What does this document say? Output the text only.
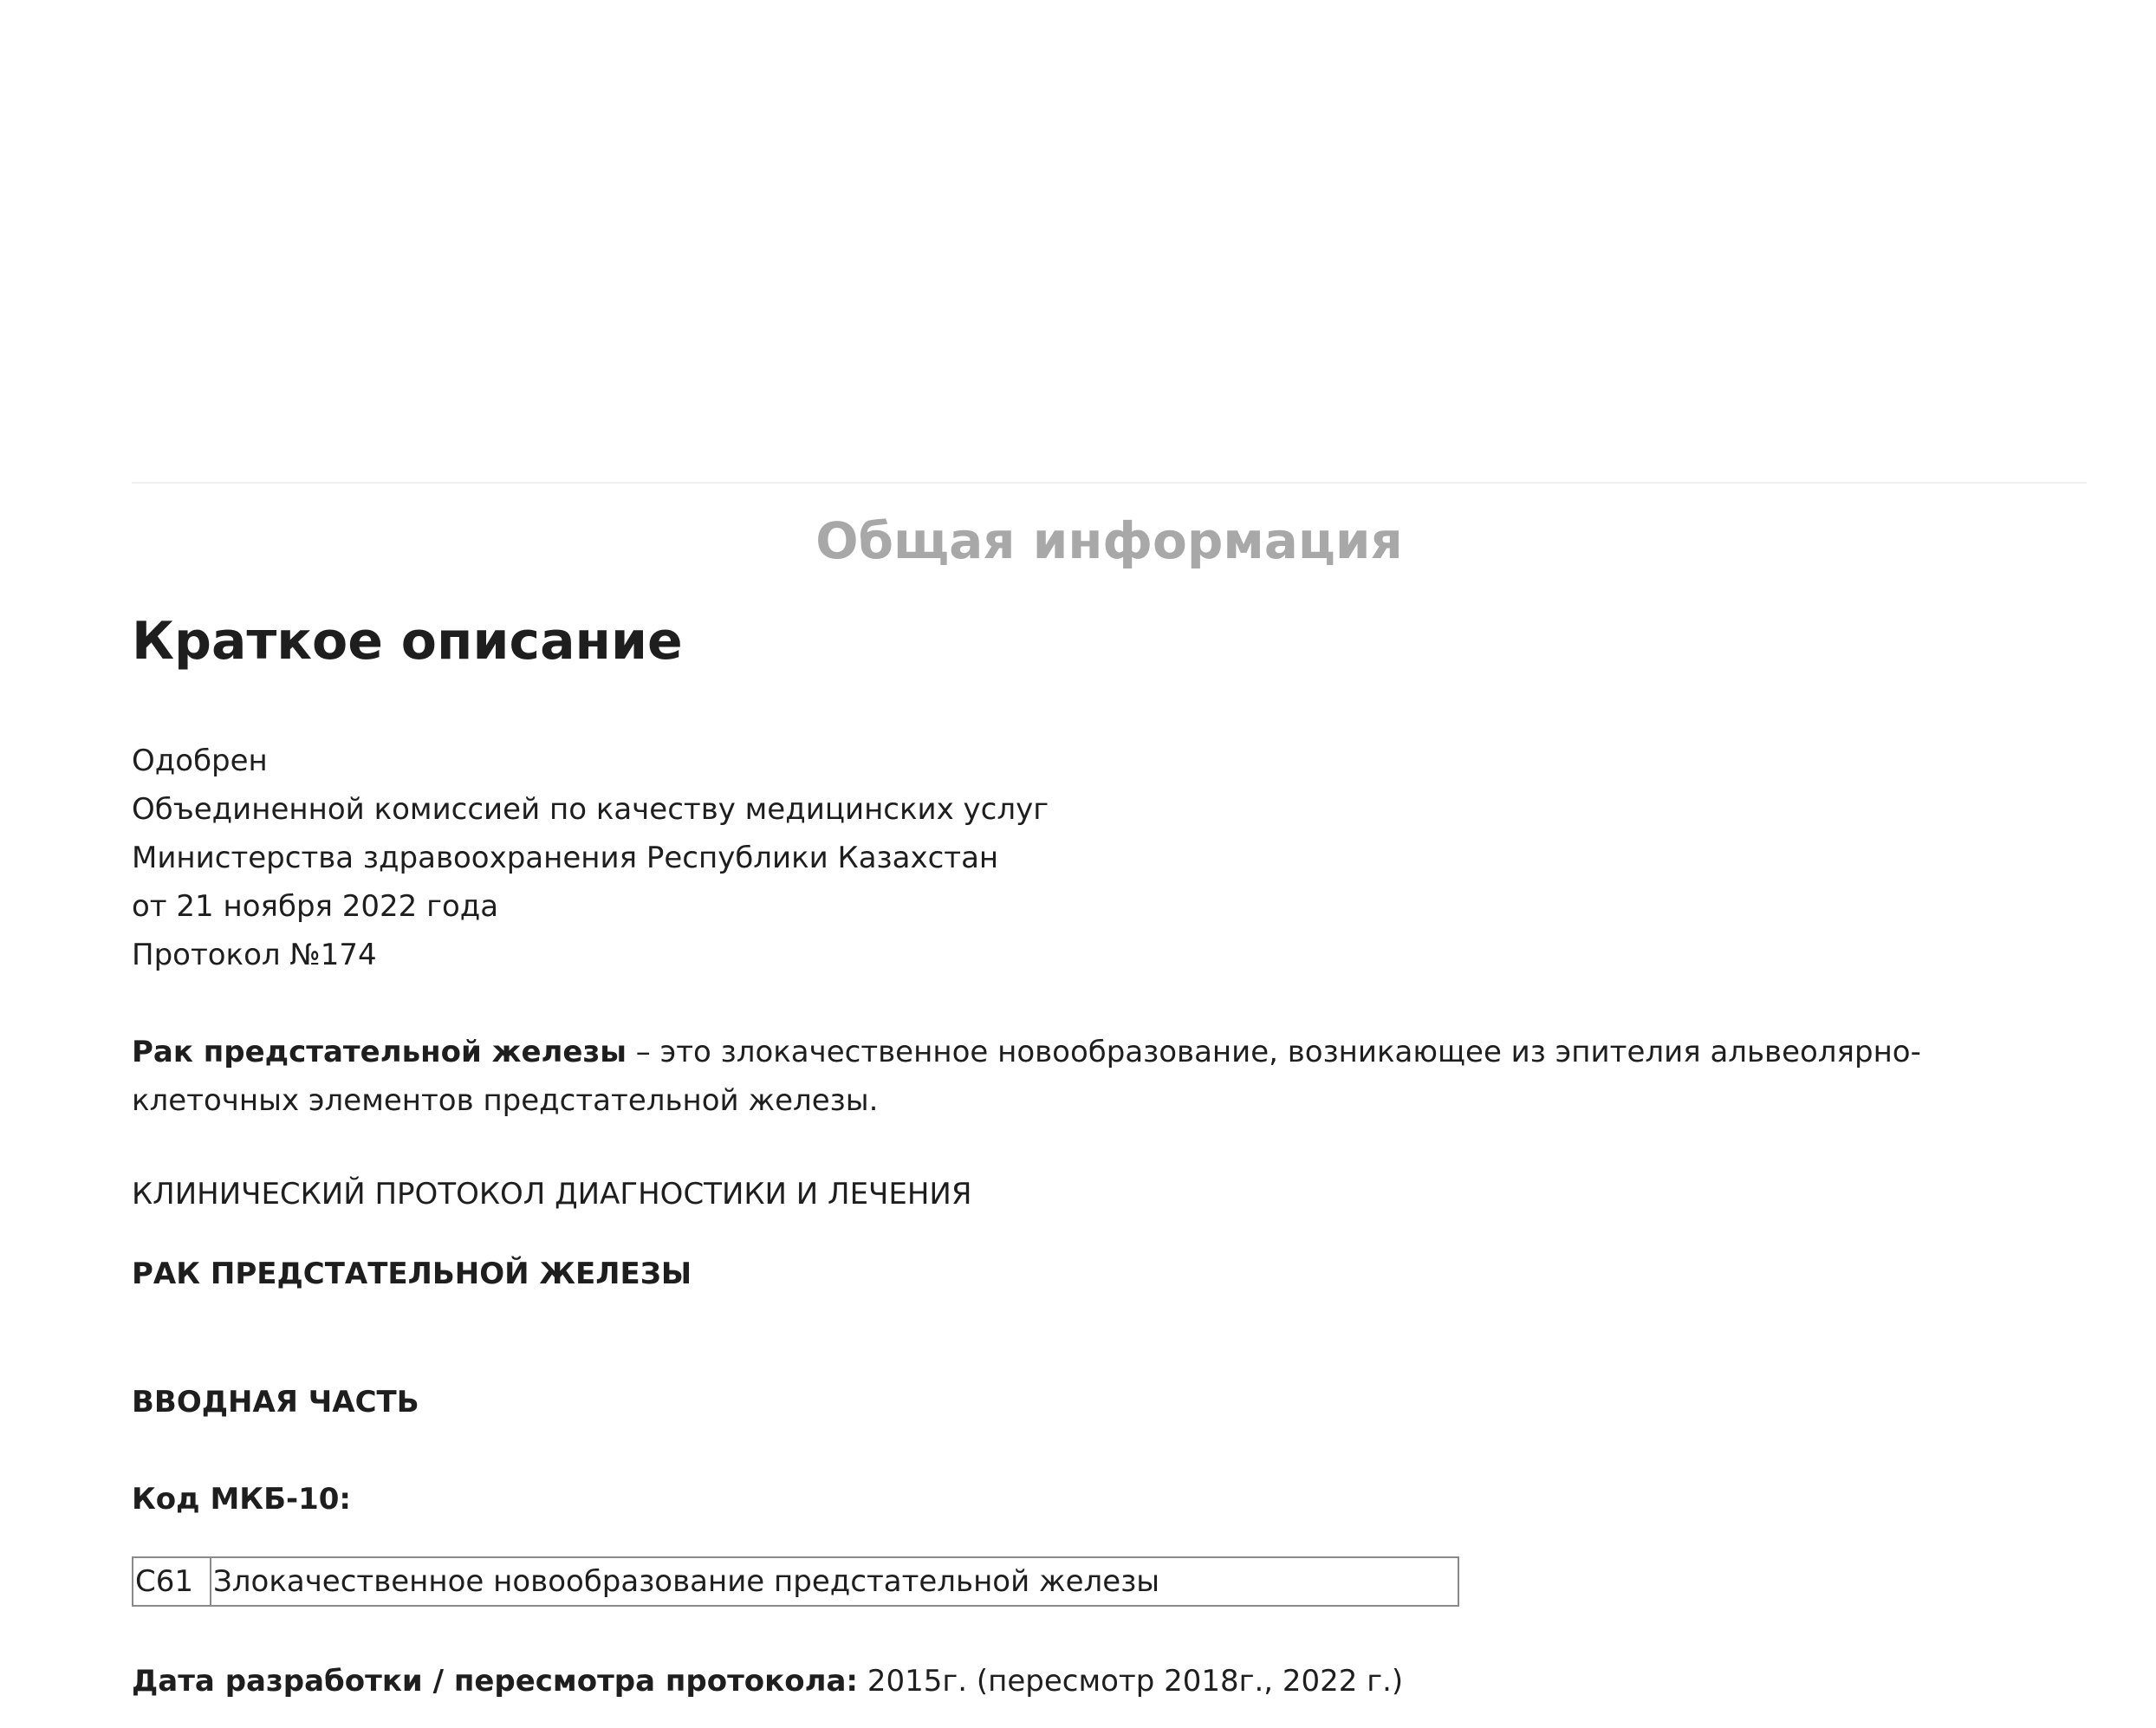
Общая информация
Краткое описание
Одобрен
Объединенной комиссией по качеству медицинских услуг
Министерства здравоохранения Республики Казахстан
от 21 ноября 2022 года
Протокол №174
Рак предстательной железы – это злокачественное новообразование, возникающее из эпителия альвеолярно-клеточных элементов предстательной железы.
КЛИНИЧЕСКИЙ ПРОТОКОЛ ДИАГНОСТИКИ И ЛЕЧЕНИЯ
РАК ПРЕДСТАТЕЛЬНОЙ ЖЕЛЕЗЫ
ВВОДНАЯ ЧАСТЬ
Код МКБ-10:
C61	Злокачественное новообразование предстательной железы
Дата разработки / пересмотра протокола: 2015г. (пересмотр 2018г., 2022 г.)
